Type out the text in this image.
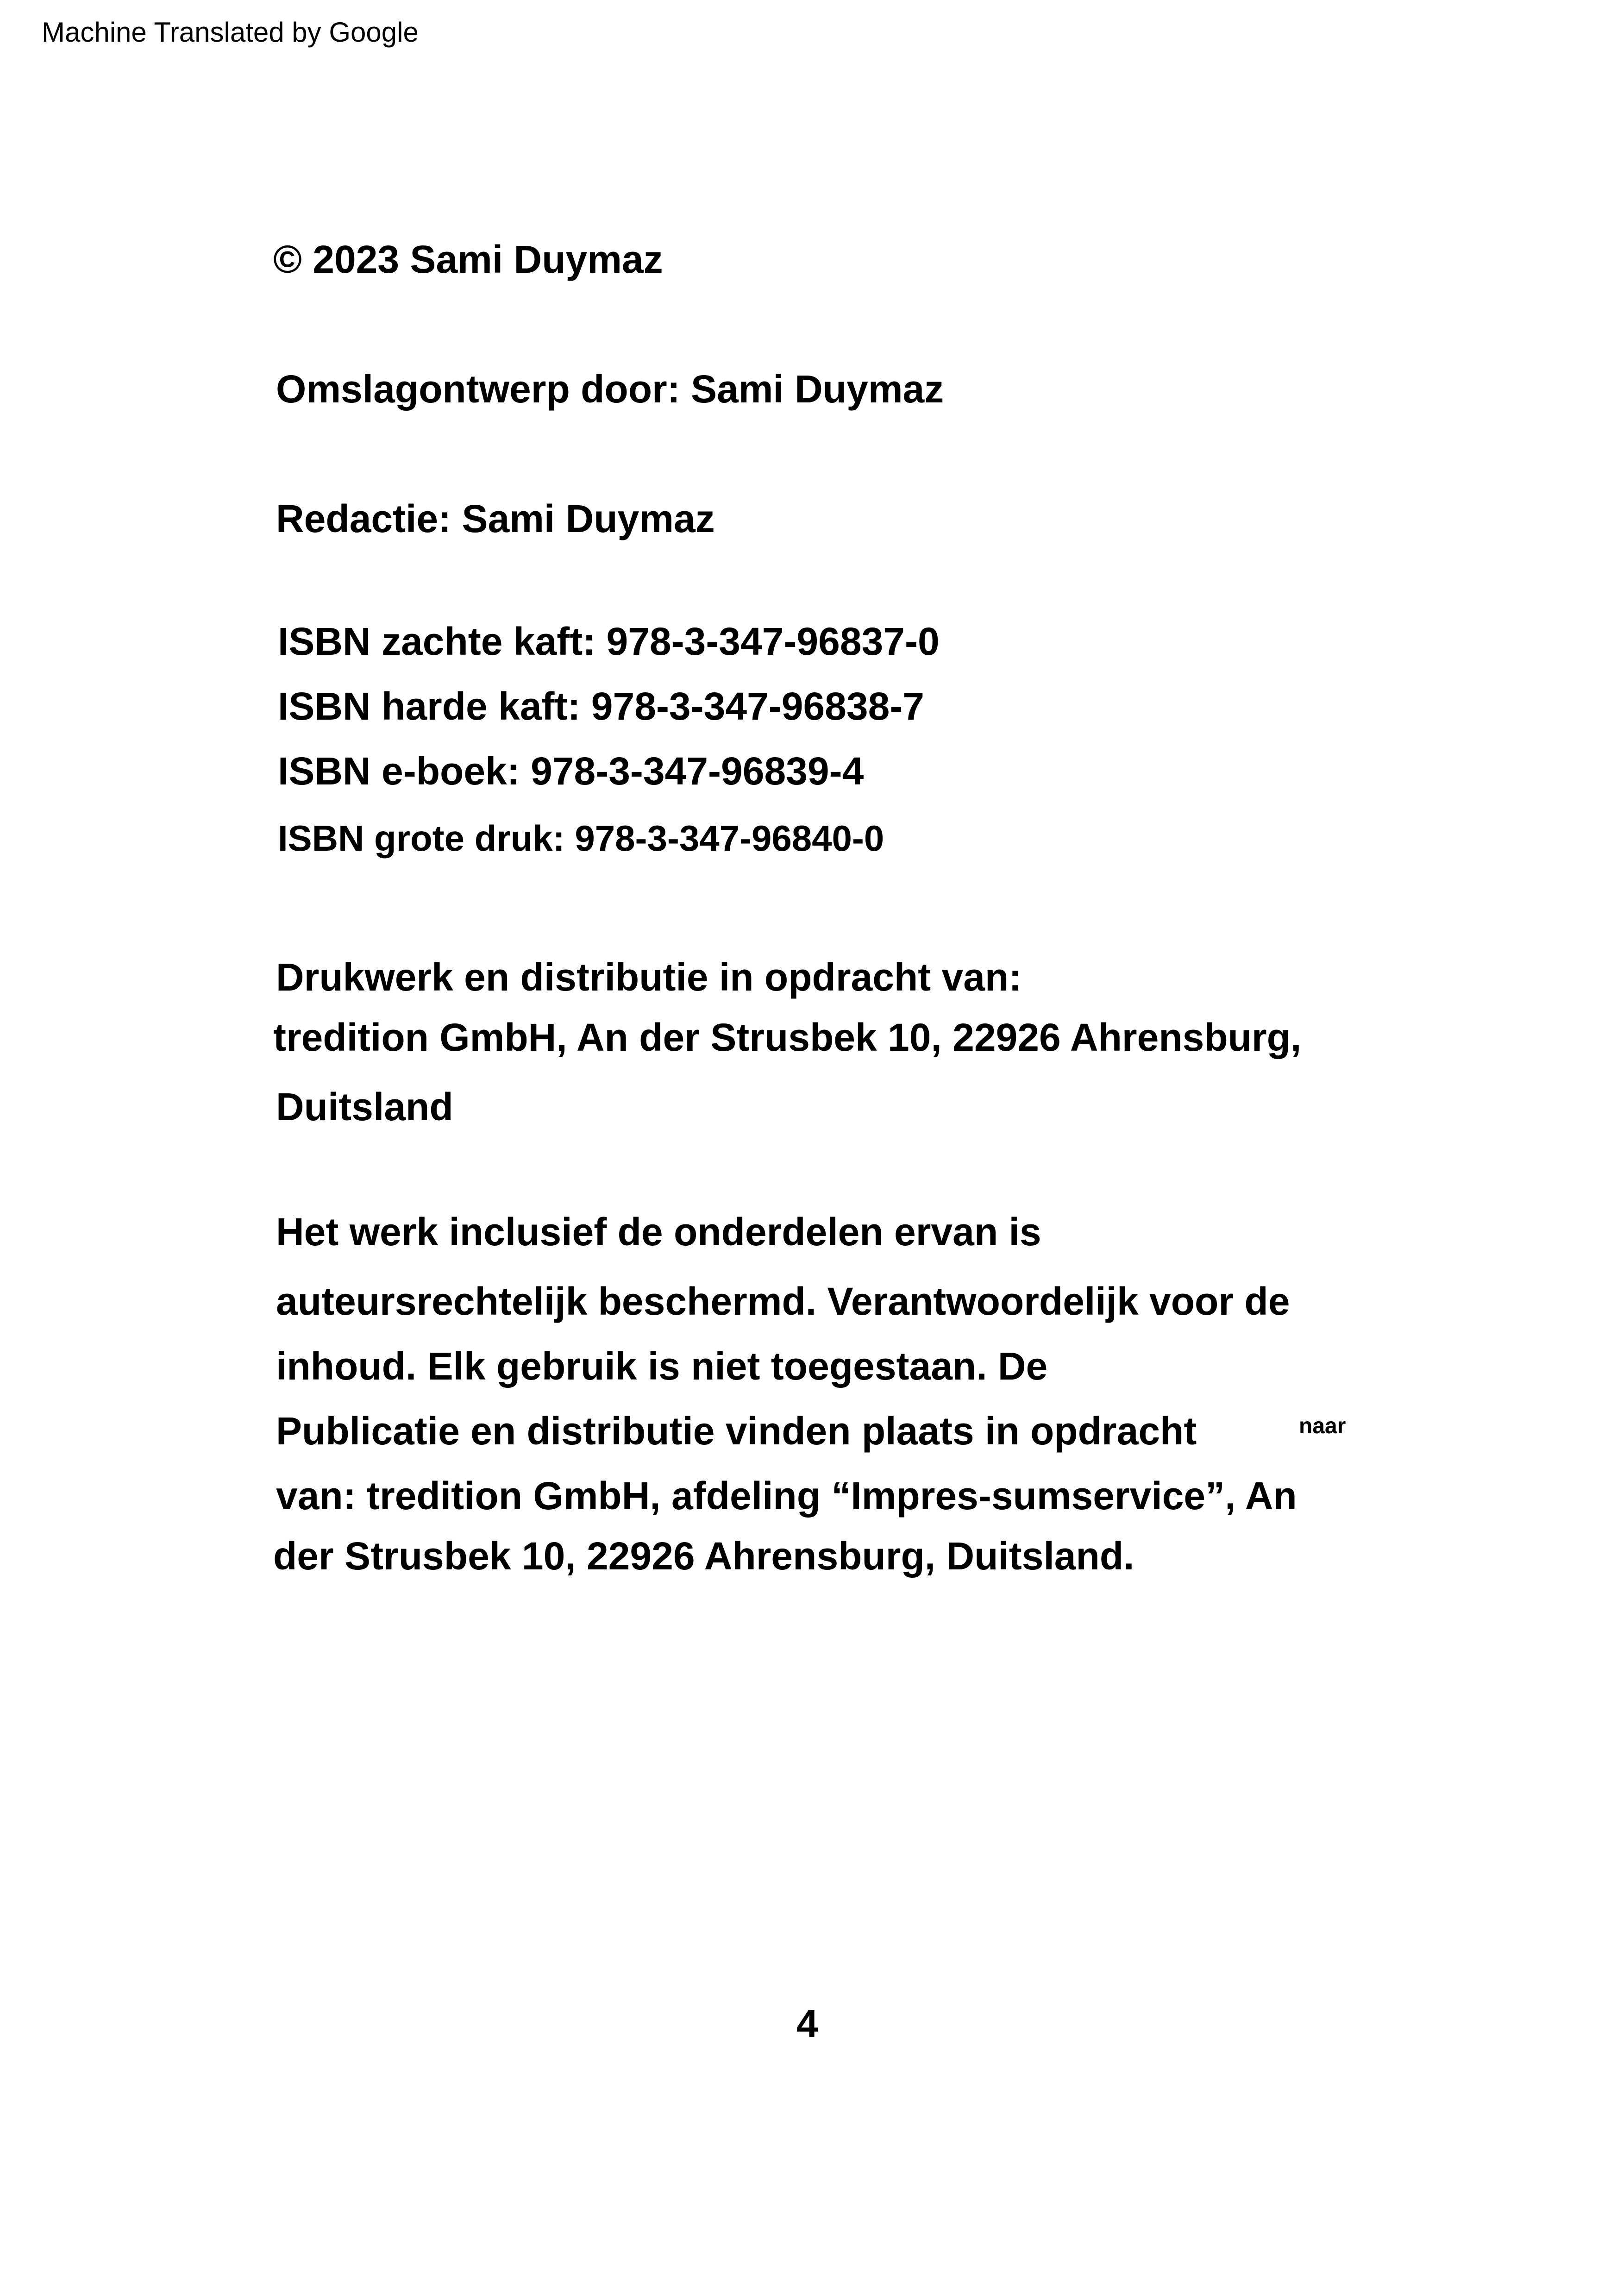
Machine Translated by Google
© 2023 Sami Duymaz
Omslagontwerp door: Sami Duymaz
Redactie: Sami Duymaz
ISBN zachte kaft: 978-3-347-96837-0
ISBN harde kaft: 978-3-347-96838-7
ISBN e-boek: 978-3-347-96839-4
ISBN grote druk: 978-3-347-96840-0
Drukwerk en distributie in opdracht van:
tredition GmbH, An der Strusbek 10, 22926 Ahrensburg,
Duitsland
Het werk inclusief de onderdelen ervan is
auteursrechtelijk beschermd. Verantwoordelijk voor de
inhoud. Elk gebruik is niet toegestaan. De
Publicatie en distributie vinden plaats in opdracht	naar
van: tredition GmbH, afdeling “Impres-sumservice”, An
der Strusbek 10, 22926 Ahrensburg, Duitsland.
4
